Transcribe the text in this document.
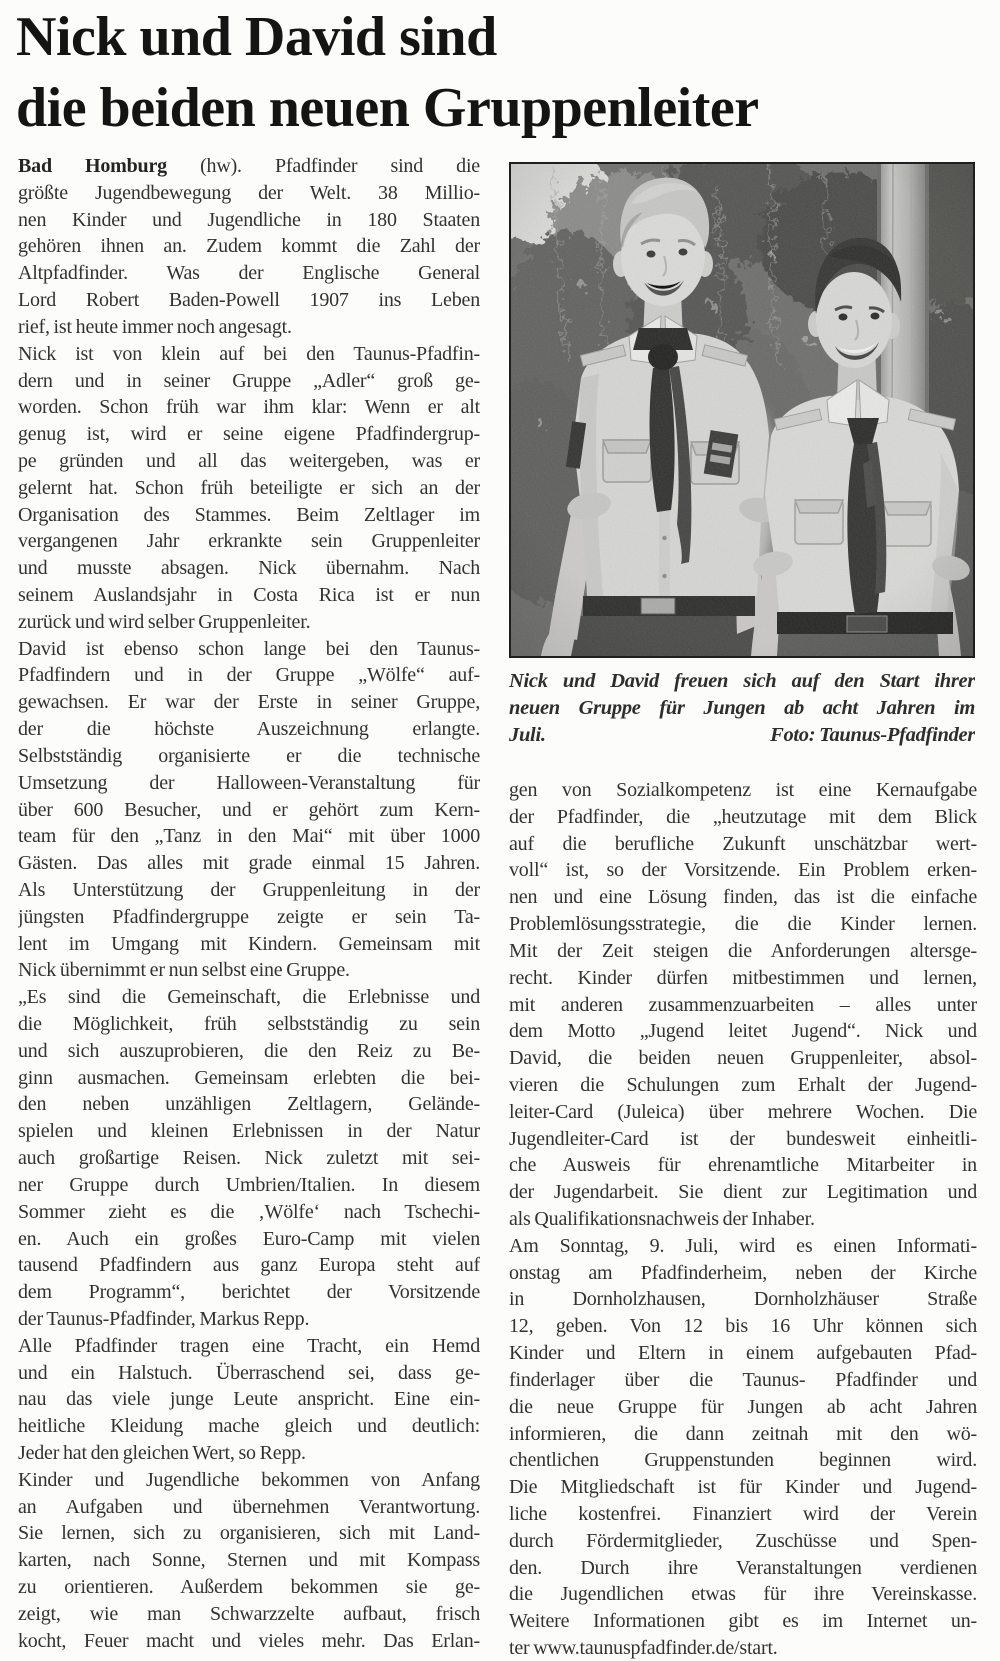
Nick und David sind
die beiden neuen Gruppenleiter
Bad Homburg (hw). Pfadfinder sind die
größte Jugendbewegung der Welt. 38 Millio-
nen Kinder und Jugendliche in 180 Staaten
gehören ihnen an. Zudem kommt die Zahl der
Altpfadfinder. Was der Englische General
Lord Robert Baden-Powell 1907 ins Leben
rief, ist heute immer noch angesagt.
Nick ist von klein auf bei den Taunus-Pfadfin-
dern und in seiner Gruppe „Adler“ groß ge-
worden. Schon früh war ihm klar: Wenn er alt
genug ist, wird er seine eigene Pfadfindergrup-
pe gründen und all das weitergeben, was er
gelernt hat. Schon früh beteiligte er sich an der
Organisation des Stammes. Beim Zeltlager im
vergangenen Jahr erkrankte sein Gruppenleiter
und musste absagen. Nick übernahm. Nach
seinem Auslandsjahr in Costa Rica ist er nun
zurück und wird selber Gruppenleiter.
David ist ebenso schon lange bei den Taunus-
Pfadfindern und in der Gruppe „Wölfe“ auf-
gewachsen. Er war der Erste in seiner Gruppe,
der die höchste Auszeichnung erlangte.
Selbstständig organisierte er die technische
Umsetzung der Halloween-Veranstaltung für
über 600 Besucher, und er gehört zum Kern-
team für den „Tanz in den Mai“ mit über 1000
Gästen. Das alles mit grade einmal 15 Jahren.
Als Unterstützung der Gruppenleitung in der
jüngsten Pfadfindergruppe zeigte er sein Ta-
lent im Umgang mit Kindern. Gemeinsam mit
Nick übernimmt er nun selbst eine Gruppe.
„Es sind die Gemeinschaft, die Erlebnisse und
die Möglichkeit, früh selbstständig zu sein
und sich auszuprobieren, die den Reiz zu Be-
ginn ausmachen. Gemeinsam erlebten die bei-
den neben unzähligen Zeltlagern, Gelände-
spielen und kleinen Erlebnissen in der Natur
auch großartige Reisen. Nick zuletzt mit sei-
ner Gruppe durch Umbrien/Italien. In diesem
Sommer zieht es die ‚Wölfe‘ nach Tschechi-
en. Auch ein großes Euro-Camp mit vielen
tausend Pfadfindern aus ganz Europa steht auf
dem Programm“, berichtet der Vorsitzende
der Taunus-Pfadfinder, Markus Repp.
Alle Pfadfinder tragen eine Tracht, ein Hemd
und ein Halstuch. Überraschend sei, dass ge-
nau das viele junge Leute anspricht. Eine ein-
heitliche Kleidung mache gleich und deutlich:
Jeder hat den gleichen Wert, so Repp.
Kinder und Jugendliche bekommen von Anfang
an Aufgaben und übernehmen Verantwortung.
Sie lernen, sich zu organisieren, sich mit Land-
karten, nach Sonne, Sternen und mit Kompass
zu orientieren. Außerdem bekommen sie ge-
zeigt, wie man Schwarzzelte aufbaut, frisch
kocht, Feuer macht und vieles mehr. Das Erlan-
Nick und David freuen sich auf den Start ihrer
neuen Gruppe für Jungen ab acht Jahren im
Juli.	Foto: Taunus-Pfadfinder
gen von Sozialkompetenz ist eine Kernaufgabe
der Pfadfinder, die „heutzutage mit dem Blick
auf die berufliche Zukunft unschätzbar wert-
voll“ ist, so der Vorsitzende. Ein Problem erken-
nen und eine Lösung finden, das ist die einfache
Problemlösungsstrategie, die die Kinder lernen.
Mit der Zeit steigen die Anforderungen altersge-
recht. Kinder dürfen mitbestimmen und lernen,
mit anderen zusammenzuarbeiten – alles unter
dem Motto „Jugend leitet Jugend“. Nick und
David, die beiden neuen Gruppenleiter, absol-
vieren die Schulungen zum Erhalt der Jugend-
leiter-Card (Juleica) über mehrere Wochen. Die
Jugendleiter-Card ist der bundesweit einheitli-
che Ausweis für ehrenamtliche Mitarbeiter in
der Jugendarbeit. Sie dient zur Legitimation und
als Qualifikationsnachweis der Inhaber.
Am Sonntag, 9. Juli, wird es einen Informati-
onstag am Pfadfinderheim, neben der Kirche
in Dornholzhausen, Dornholzhäuser Straße
12, geben. Von 12 bis 16 Uhr können sich
Kinder und Eltern in einem aufgebauten Pfad-
finderlager über die Taunus- Pfadfinder und
die neue Gruppe für Jungen ab acht Jahren
informieren, die dann zeitnah mit den wö-
chentlichen Gruppenstunden beginnen wird.
Die Mitgliedschaft ist für Kinder und Jugend-
liche kostenfrei. Finanziert wird der Verein
durch Fördermitglieder, Zuschüsse und Spen-
den. Durch ihre Veranstaltungen verdienen
die Jugendlichen etwas für ihre Vereinskasse.
Weitere Informationen gibt es im Internet un-
ter www.taunuspfadfinder.de/start.
